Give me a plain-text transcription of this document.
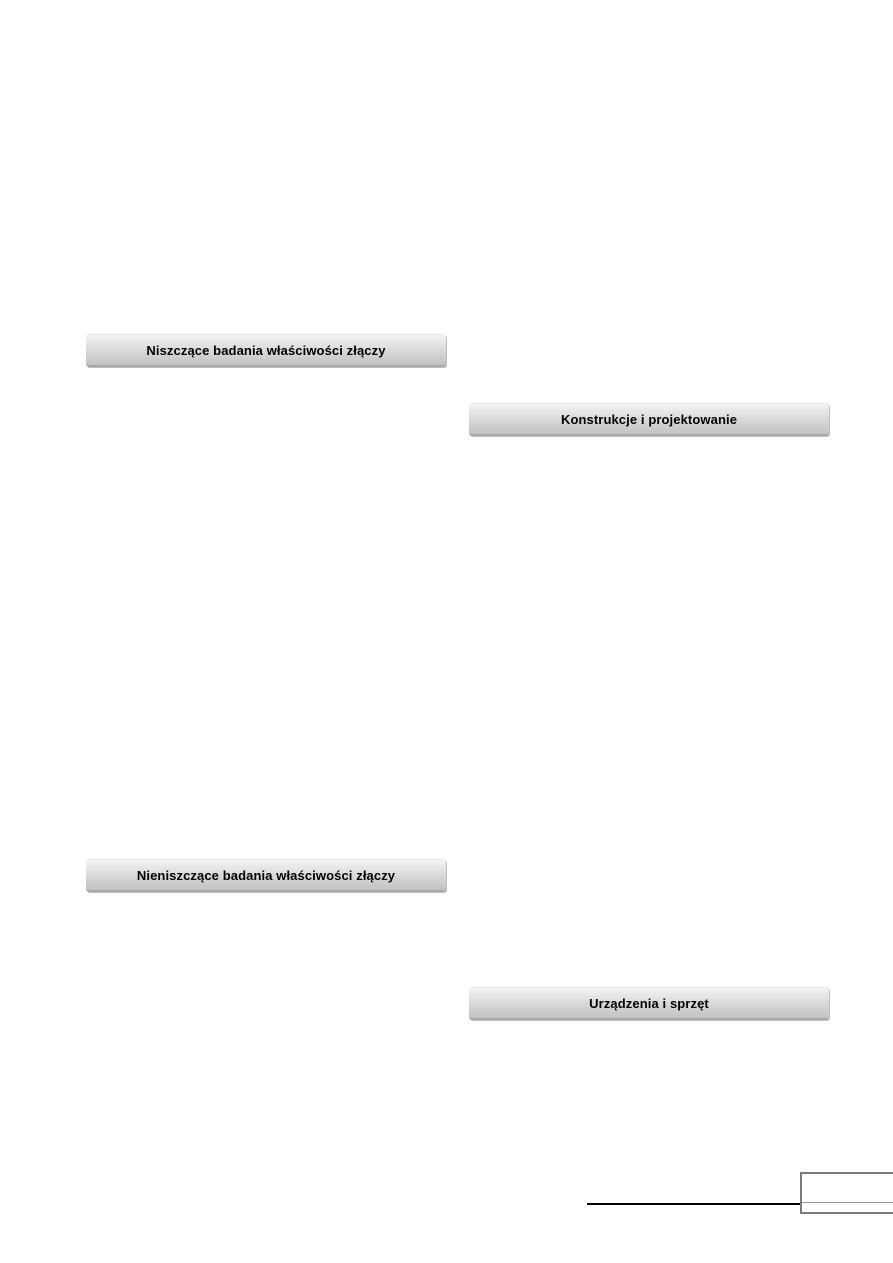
Niszczące badania właściwości złączy
Konstrukcje i projektowanie
Nieniszczące badania właściwości złączy
Urządzenia i sprzęt
